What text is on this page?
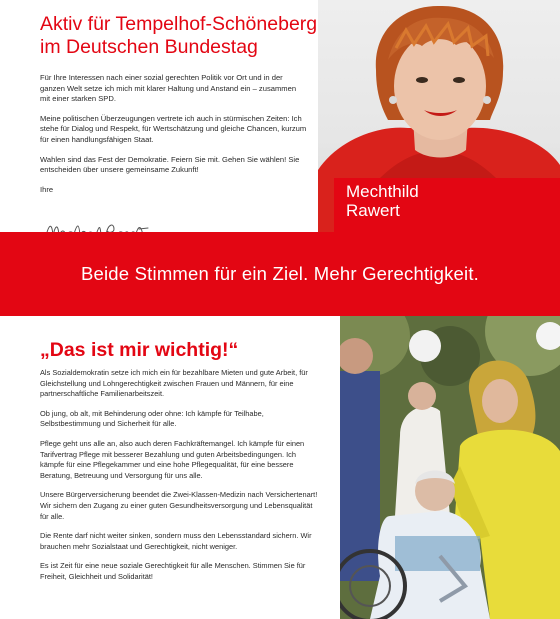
Aktiv für Tempelhof-Schöneberg
im Deutschen Bundestag

Für Ihre Interessen nach einer sozial gerechten Politik vor Ort und in der ganzen Welt setze ich mich mit klarer Haltung und Anstand ein – zusammen mit einer starken SPD.

Meine politischen Überzeugungen vertrete ich auch in stürmischen Zeiten: Ich stehe für Dialog und Respekt, für Wertschätzung und gleiche Chancen, kurzum für einen handlungsfähigen Staat.

Wahlen sind das Fest der Demokratie. Feiern Sie mit. Gehen Sie wählen! Sie entscheiden über unsere gemeinsame Zukunft!

Ihre	Mechthild
Rawert
Beide Stimmen für ein Ziel. Mehr Gerechtigkeit.
„Das ist mir wichtig!“

Als Sozialdemokratin setze ich mich ein für bezahlbare Mieten und gute Arbeit, für Gleichstellung und Lohngerechtigkeit zwischen Frauen und Männern, für eine partnerschaftliche Familienarbeitszeit.

Ob jung, ob alt, mit Behinderung oder ohne: Ich kämpfe für Teilhabe, Selbstbestimmung und Sicherheit für alle.

Pflege geht uns alle an, also auch deren Fachkräftemangel. Ich kämpfe für einen Tarifvertrag Pflege mit besserer Bezahlung und guten Arbeitsbedingungen. Ich kämpfe für eine Pflegekammer und eine hohe Pflegequalität, für eine bessere Beratung, Betreuung und Versorgung für uns alle.

Unsere Bürgerversicherung beendet die Zwei-Klassen-Medizin nach Versichertenart! Wir sichern den Zugang zu einer guten Gesundheitsversorgung und Lebensqualität für alle.

Die Rente darf nicht weiter sinken, sondern muss den Lebensstandard sichern. Wir brauchen mehr Sozialstaat und Gerechtigkeit, nicht weniger.

Es ist Zeit für eine neue soziale Gerechtigkeit für alle Menschen. Stimmen Sie für Freiheit, Gleichheit und Solidarität!
